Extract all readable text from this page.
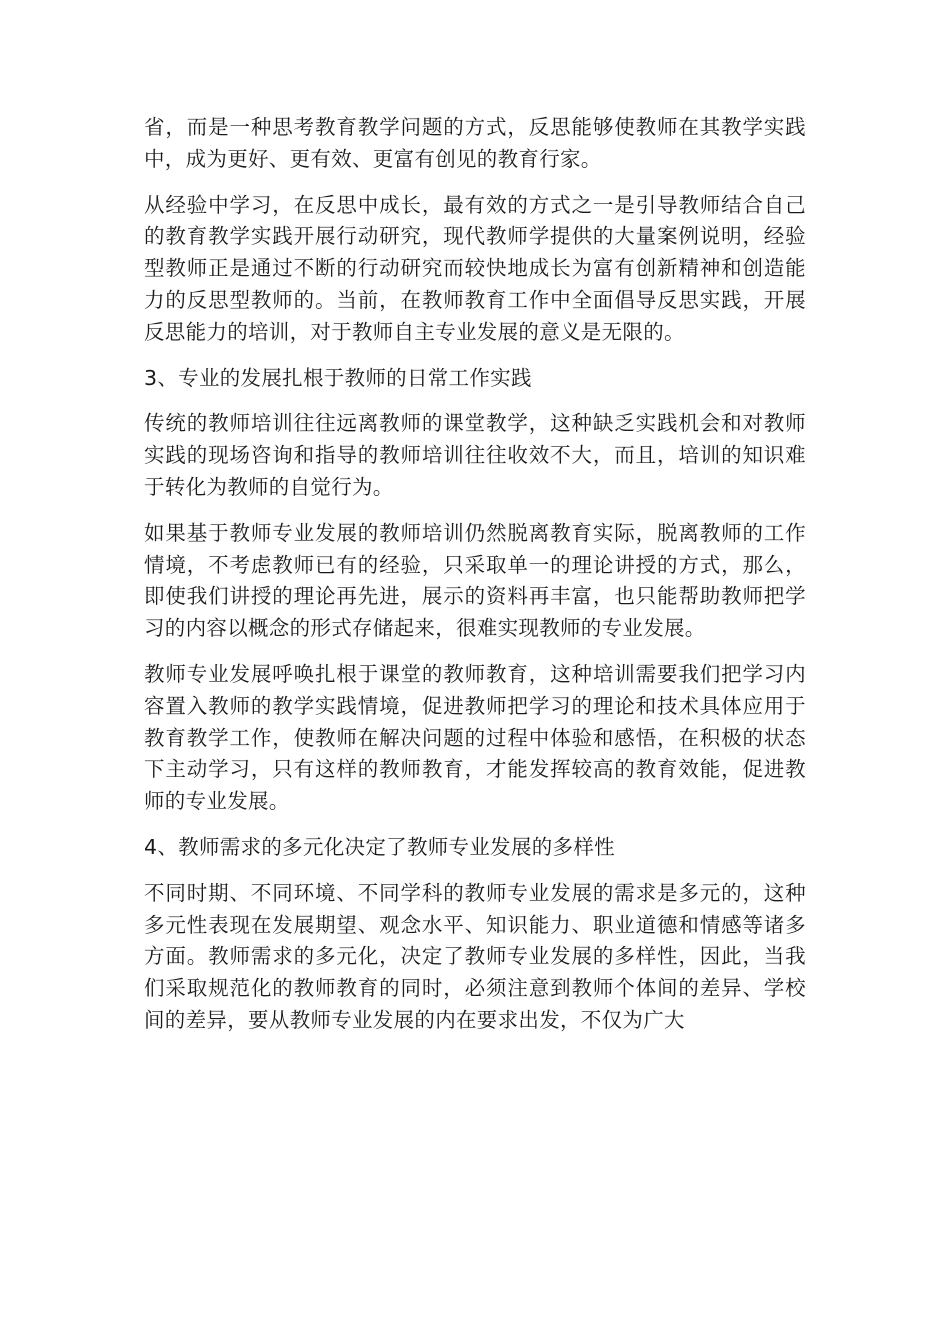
省，而是一种思考教育教学问题的方式，反思能够使教师在其教学实践中，成为更好、更有效、更富有创见的教育行家。

从经验中学习，在反思中成长，最有效的方式之一是引导教师结合自己的教育教学实践开展行动研究，现代教师学提供的大量案例说明，经验型教师正是通过不断的行动研究而较快地成长为富有创新精神和创造能力的反思型教师的。当前，在教师教育工作中全面倡导反思实践，开展反思能力的培训，对于教师自主专业发展的意义是无限的。

3、专业的发展扎根于教师的日常工作实践

传统的教师培训往往远离教师的课堂教学，这种缺乏实践机会和对教师实践的现场咨询和指导的教师培训往往收效不大，而且，培训的知识难于转化为教师的自觉行为。

如果基于教师专业发展的教师培训仍然脱离教育实际，脱离教师的工作情境，不考虑教师已有的经验，只采取单一的理论讲授的方式，那么，即使我们讲授的理论再先进，展示的资料再丰富，也只能帮助教师把学习的内容以概念的形式存储起来，很难实现教师的专业发展。

教师专业发展呼唤扎根于课堂的教师教育，这种培训需要我们把学习内容置入教师的教学实践情境，促进教师把学习的理论和技术具体应用于教育教学工作，使教师在解决问题的过程中体验和感悟，在积极的状态下主动学习，只有这样的教师教育，才能发挥较高的教育效能，促进教师的专业发展。

4、教师需求的多元化决定了教师专业发展的多样性

不同时期、不同环境、不同学科的教师专业发展的需求是多元的，这种多元性表现在发展期望、观念水平、知识能力、职业道德和情感等诸多方面。教师需求的多元化，决定了教师专业发展的多样性，因此，当我们采取规范化的教师教育的同时，必须注意到教师个体间的差异、学校间的差异，要从教师专业发展的内在要求出发，不仅为广大
